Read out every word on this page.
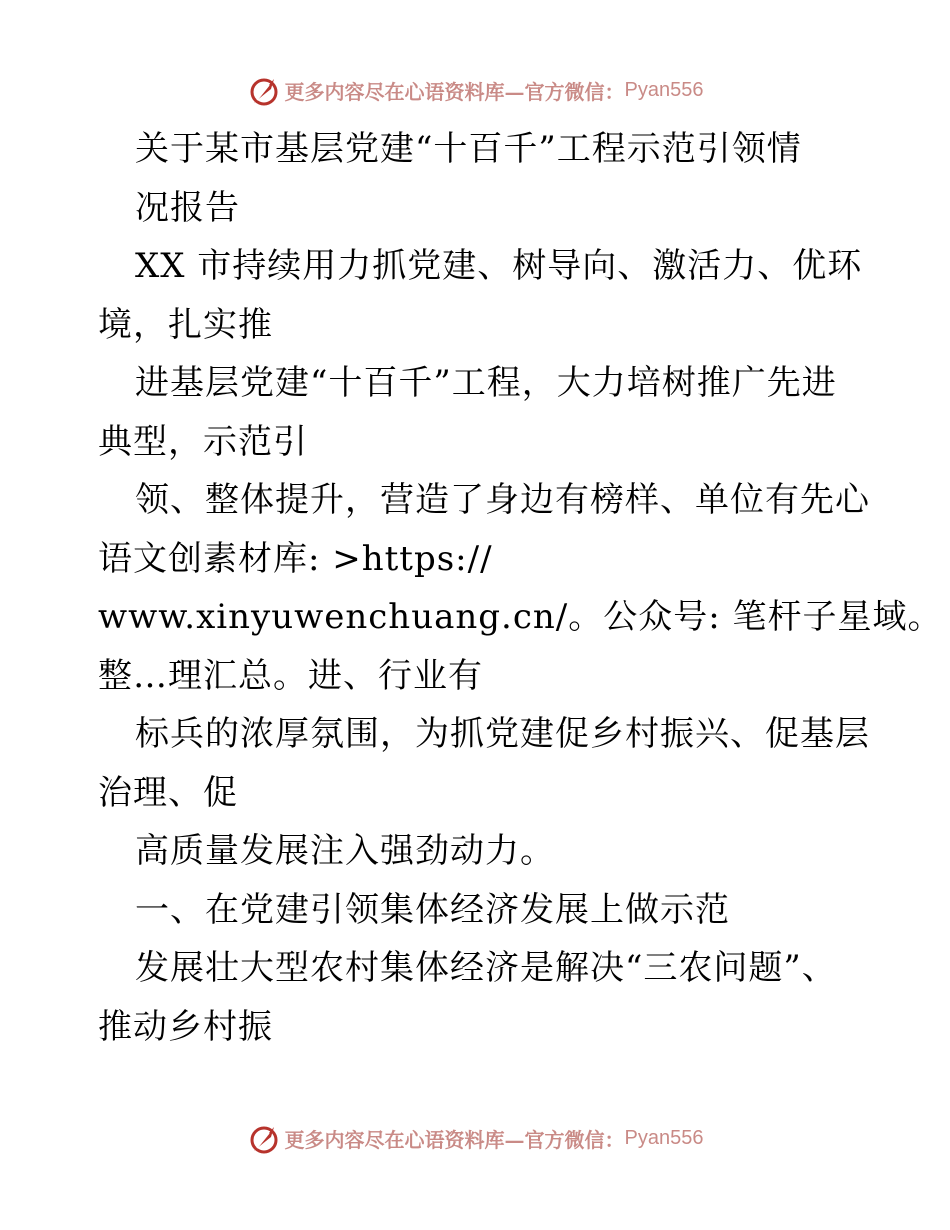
更多内容尽在心语资料库—官方微信： Pyan556
关于某市基层党建“十百千”工程示范引领情
况报告
XX 市持续用力抓党建、树导向、激活力、优环
境，扎实推
进基层党建“十百千”工程，大力培树推广先进
典型，示范引
领、整体提升，营造了身边有榜样、单位有先心
语文创素材库: >https://
www.xinyuwenchuang.cn/。公众号: 笔杆子星域。
整…理汇总。进、行业有
标兵的浓厚氛围，为抓党建促乡村振兴、促基层
治理、促
高质量发展注入强劲动力。
一、在党建引领集体经济发展上做示范
发展壮大型农村集体经济是解决“三农问题”、
推动乡村振
更多内容尽在心语资料库—官方微信： Pyan556
